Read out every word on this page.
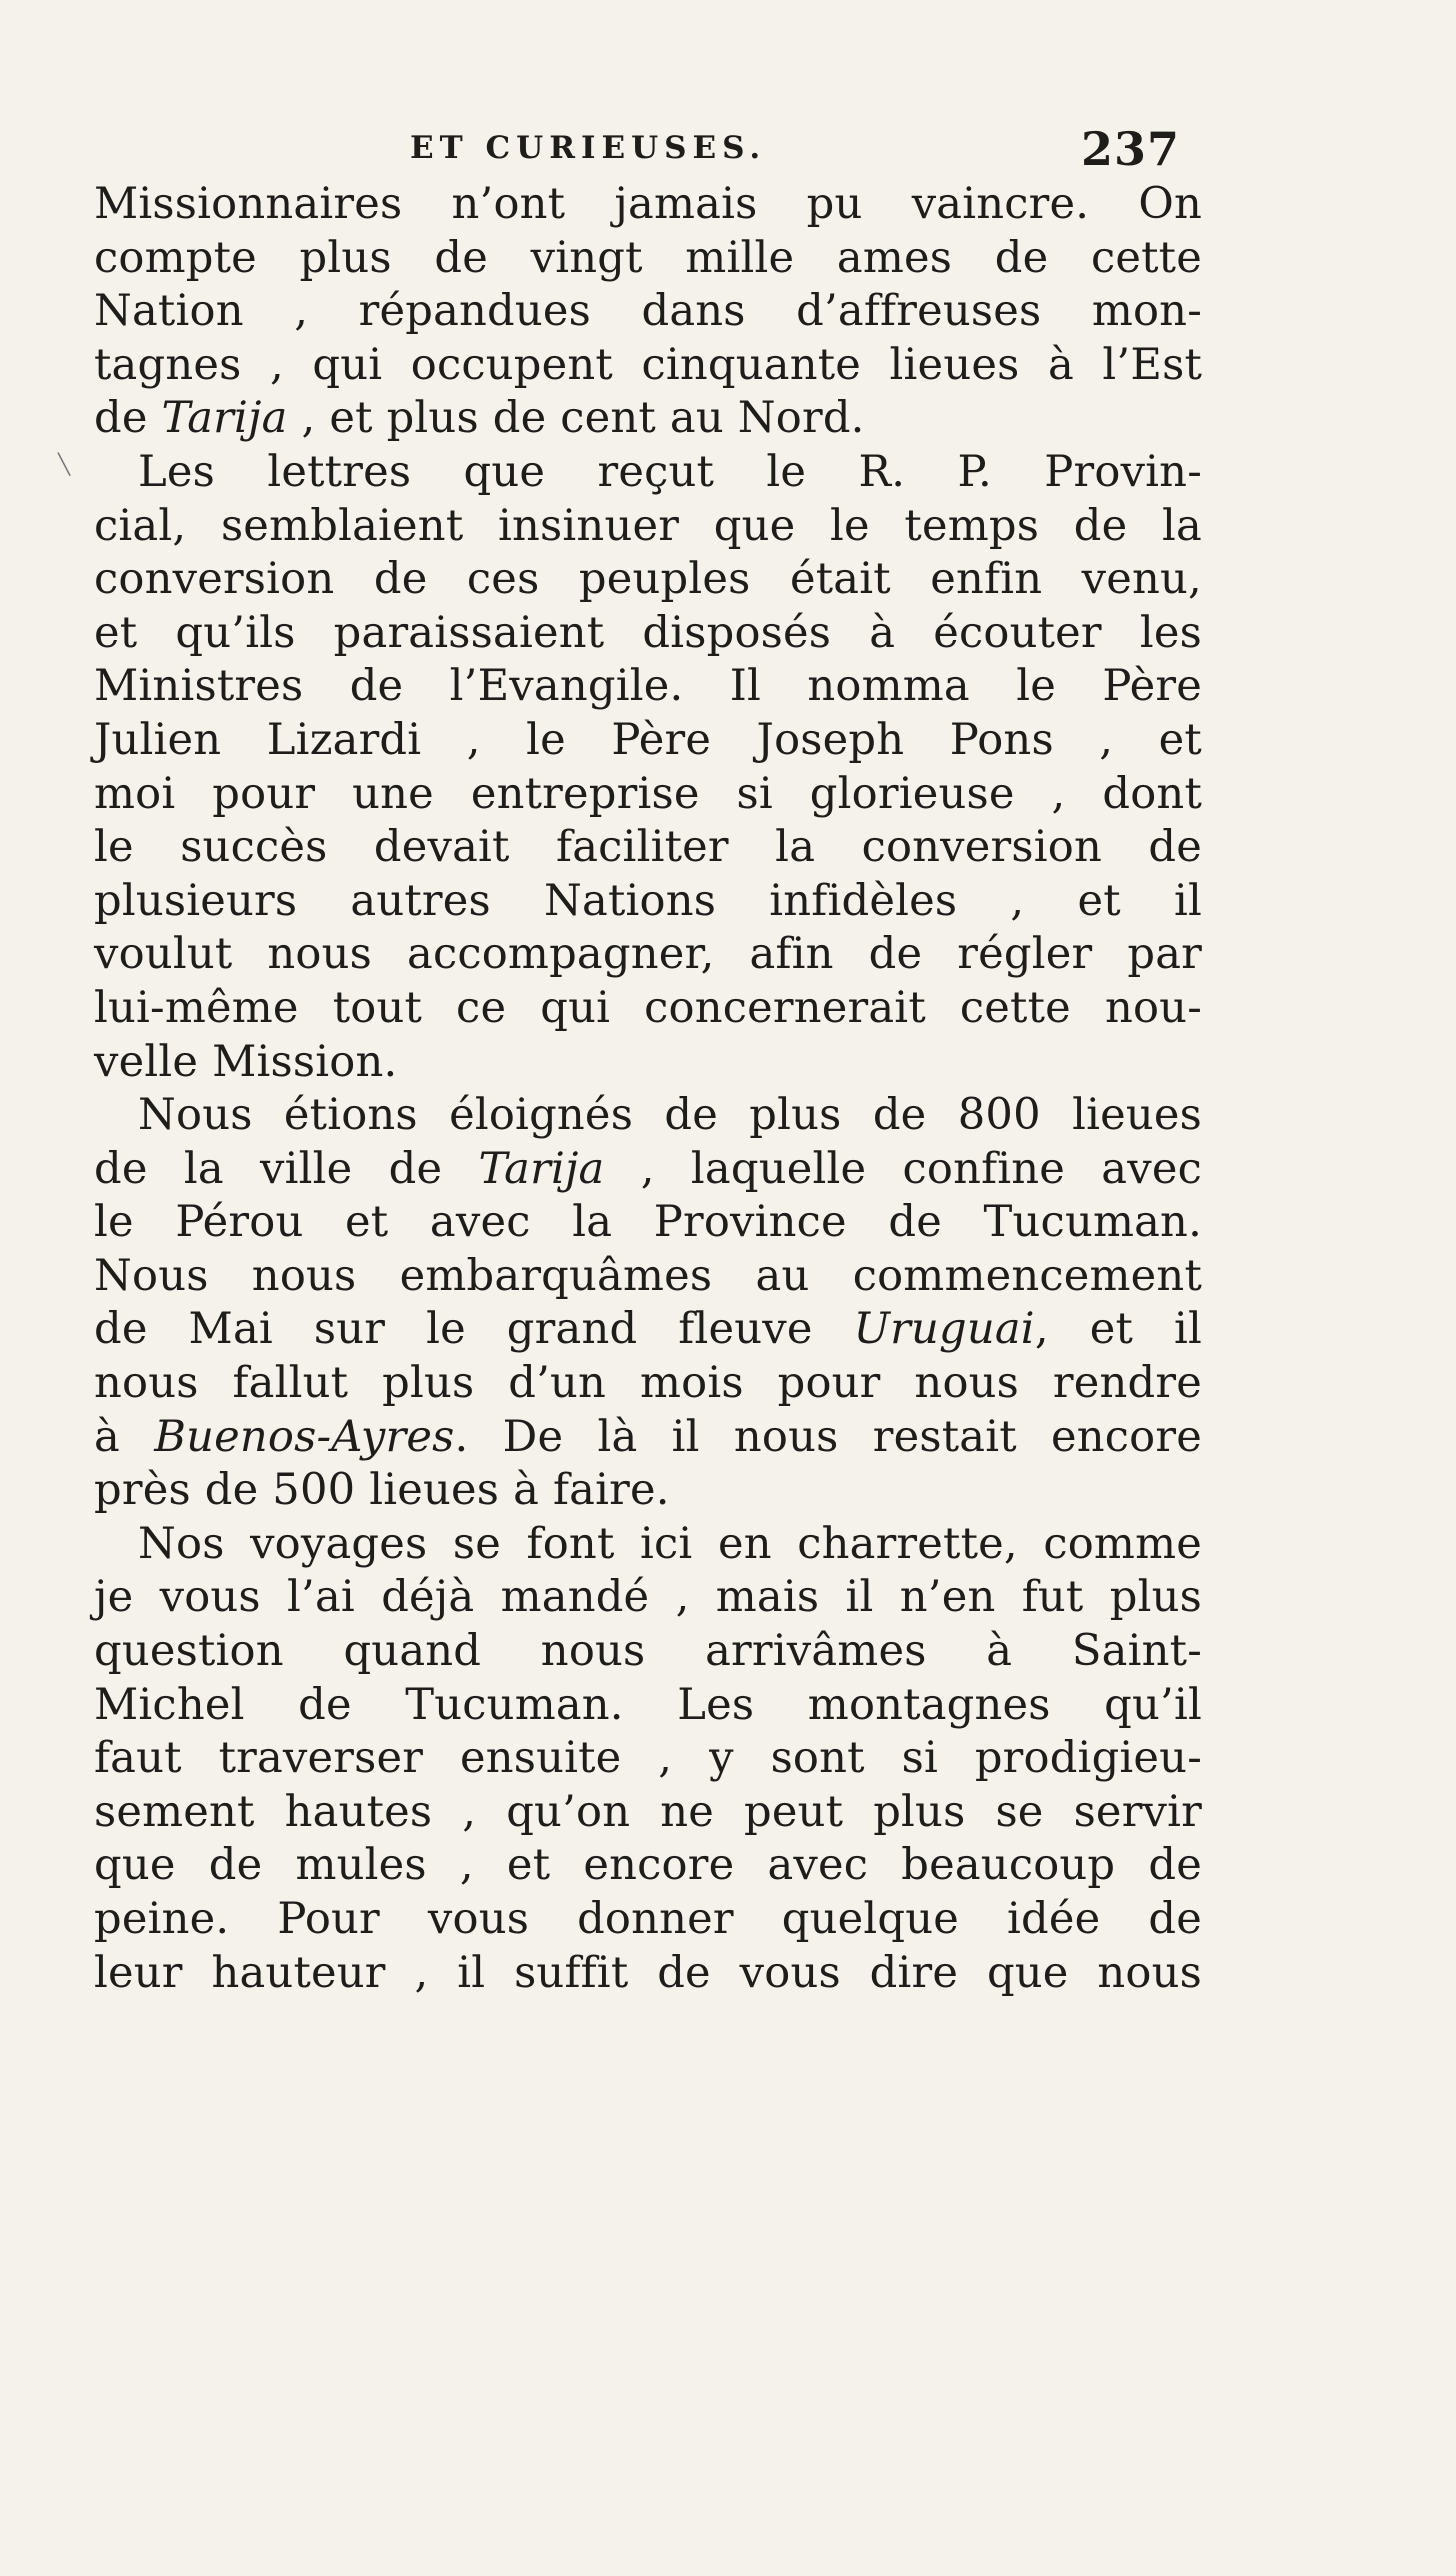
ET CURIEUSES.	237
Missionnaires n’ont jamais pu vaincre. On
compte plus de vingt mille ames de cette
Nation , répandues dans d’affreuses mon-
tagnes , qui occupent cinquante lieues à l’Est
de Tarija , et plus de cent au Nord.
Les lettres que reçut le R. P. Provin-
cial, semblaient insinuer que le temps de la
conversion de ces peuples était enfin venu,
et qu’ils paraissaient disposés à écouter les
Ministres de l’Evangile. Il nomma le Père
Julien Lizardi , le Père Joseph Pons , et
moi pour une entreprise si glorieuse , dont
le succès devait faciliter la conversion de
plusieurs autres Nations infidèles , et il
voulut nous accompagner, afin de régler par
lui-même tout ce qui concernerait cette nou-
velle Mission.
Nous étions éloignés de plus de 800 lieues
de la ville de Tarija , laquelle confine avec
le Pérou et avec la Province de Tucuman.
Nous nous embarquâmes au commencement
de Mai sur le grand fleuve Uruguai, et il
nous fallut plus d’un mois pour nous rendre
à Buenos-Ayres. De là il nous restait encore
près de 500 lieues à faire.
Nos voyages se font ici en charrette, comme
je vous l’ai déjà mandé , mais il n’en fut plus
question quand nous arrivâmes à Saint-
Michel de Tucuman. Les montagnes qu’il
faut traverser ensuite , y sont si prodigieu-
sement hautes , qu’on ne peut plus se servir
que de mules , et encore avec beaucoup de
peine. Pour vous donner quelque idée de
leur hauteur , il suffit de vous dire que nous
╲
